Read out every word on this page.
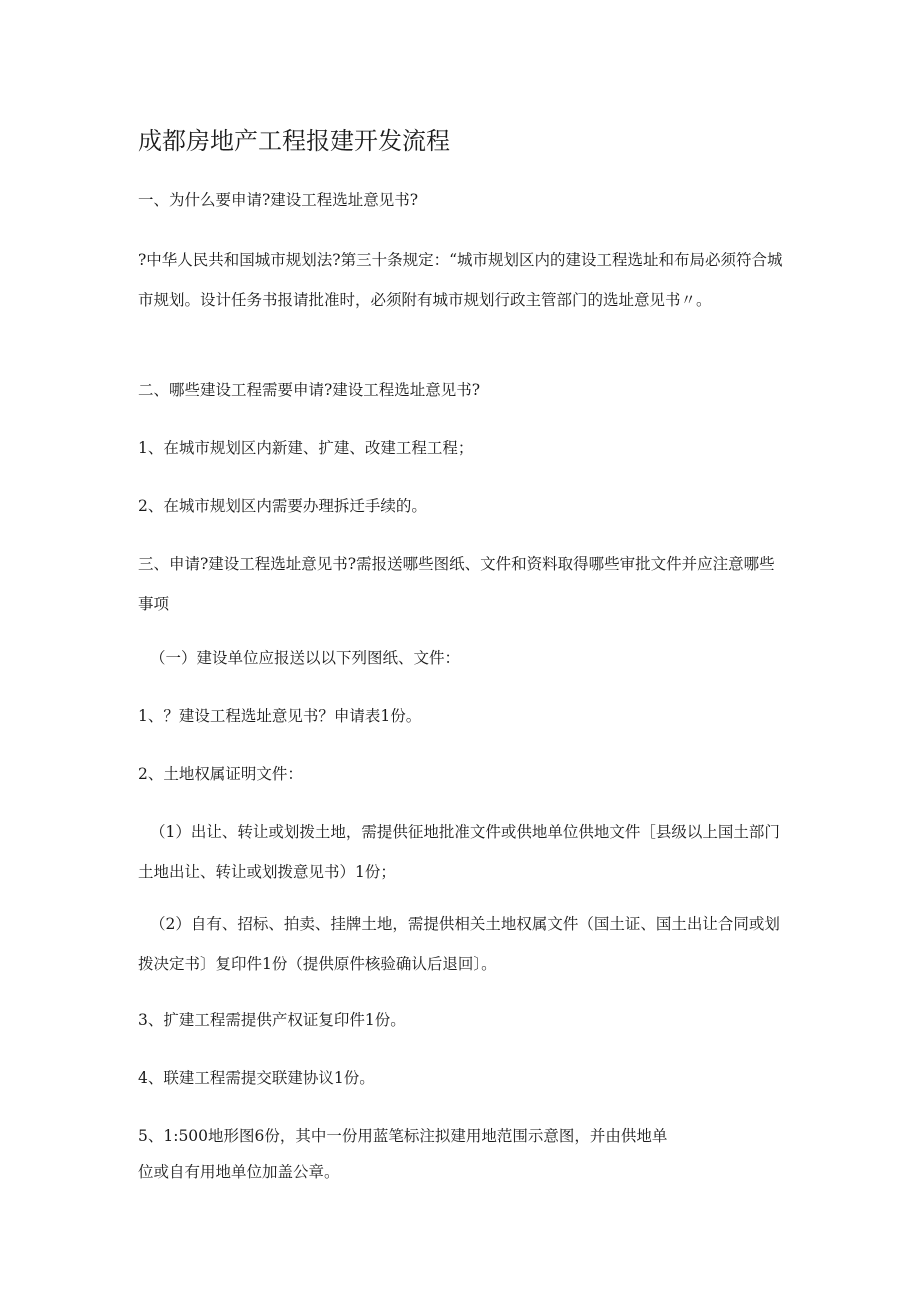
成都房地产工程报建开发流程

一、为什么要申请?建设工程选址意见书?

?中华人民共和国城市规划法?第三十条规定：“城市规划区内的建设工程选址和布局必须符合城市规划。设计任务书报请批准时，必须附有城市规划行政主管部门的选址意见书〃。

二、哪些建设工程需要申请?建设工程选址意见书?

1、在城市规划区内新建、扩建、改建工程工程；

2、在城市规划区内需要办理拆迁手续的。

三、申请?建设工程选址意见书?需报送哪些图纸、文件和资料取得哪些审批文件并应注意哪些事项

（一）建设单位应报送以以下列图纸、文件：

1、？建设工程选址意见书？申请表1份。

2、土地权属证明文件：

（1）出让、转让或划拨土地，需提供征地批准文件或供地单位供地文件［县级以上国土部门土地出让、转让或划拨意见书）1份；

（2）自有、招标、拍卖、挂牌土地，需提供相关土地权属文件（国土证、国土出让合同或划拨决定书〕复印件1份（提供原件核验确认后退回〕。

3、扩建工程需提供产权证复印件1份。

4、联建工程需提交联建协议1份。

5、1:500地形图6份，其中一份用蓝笔标注拟建用地范围示意图，并由供地单

位或自有用地单位加盖公章。
